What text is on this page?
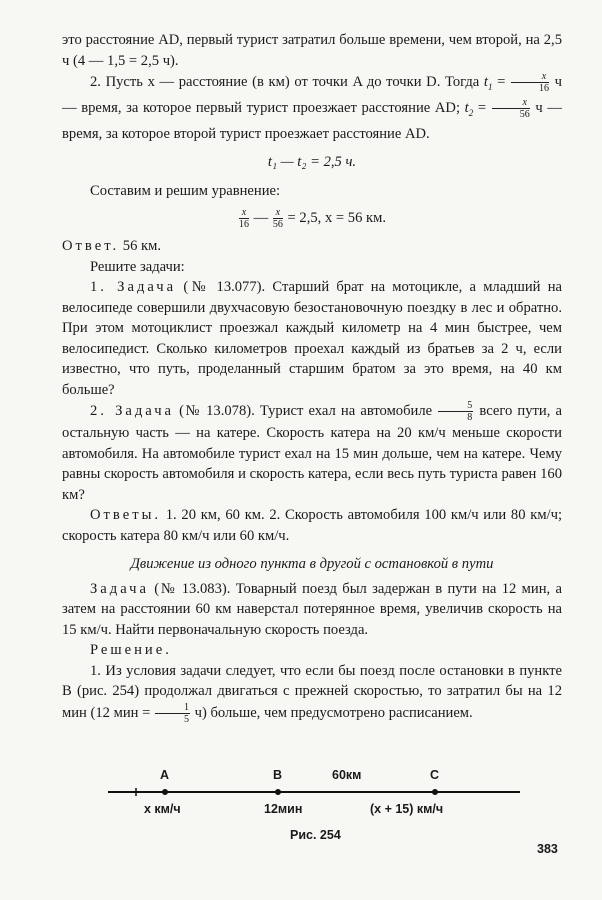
это расстояние AD, первый турист затратил больше времени, чем второй, на 2,5 ч (4 — 1,5 = 2,5 ч).

2. Пусть x — расстояние (в км) от точки A до точки D. Тогда $t_1 = \frac{x}{16}$ ч — время, за которое первый турист проезжает расстояние AD; $t_2 = \frac{x}{56}$ ч — время, за которое второй турист проезжает расстояние AD.

t₁ — t₂ = 2,5 ч.

Составим и решим уравнение:

$\frac{x}{16}$ — $\frac{x}{56} = 2,5$, x = 56 км.

Ответ. 56 км.

Решите задачи:

1. Задача (№ 13.077). Старший брат на мотоцикле, а младший на велосипеде совершили двухчасовую безостановочную поездку в лес и обратно. При этом мотоциклист проезжал каждый километр на 4 мин быстрее, чем велосипедист. Сколько километров проехал каждый из братьев за 2 ч, если известно, что путь, проделанный старшим братом за это время, на 40 км больше?

2. Задача (№ 13.078). Турист ехал на автомобиле $\frac{5}{8}$ всего пути, а остальную часть — на катере. Скорость катера на 20 км/ч меньше скорости автомобиля. На автомобиле турист ехал на 15 мин дольше, чем на катере. Чему равны скорость автомобиля и скорость катера, если весь путь туриста равен 160 км?

Ответы. 1. 20 км, 60 км. 2. Скорость автомобиля 100 км/ч или 80 км/ч; скорость катера 80 км/ч или 60 км/ч.

Движение из одного пункта в другой с остановкой в пути

Задача (№ 13.083). Товарный поезд был задержан в пути на 12 мин, а затем на расстоянии 60 км наверстал потерянное время, увеличив скорость на 15 км/ч. Найти первоначальную скорость поезда.

Решение.

1. Из условия задачи следует, что если бы поезд после остановки в пункте B (рис. 254) продолжал двигаться с прежней скоростью, то затратил бы на 12 мин (12 мин = $\frac{1}{5} ч$) больше, чем предусмотрено расписанием.

A	B	60км	C
x км/ч	12мин	(x + 15) км/ч
Рис. 254
383
